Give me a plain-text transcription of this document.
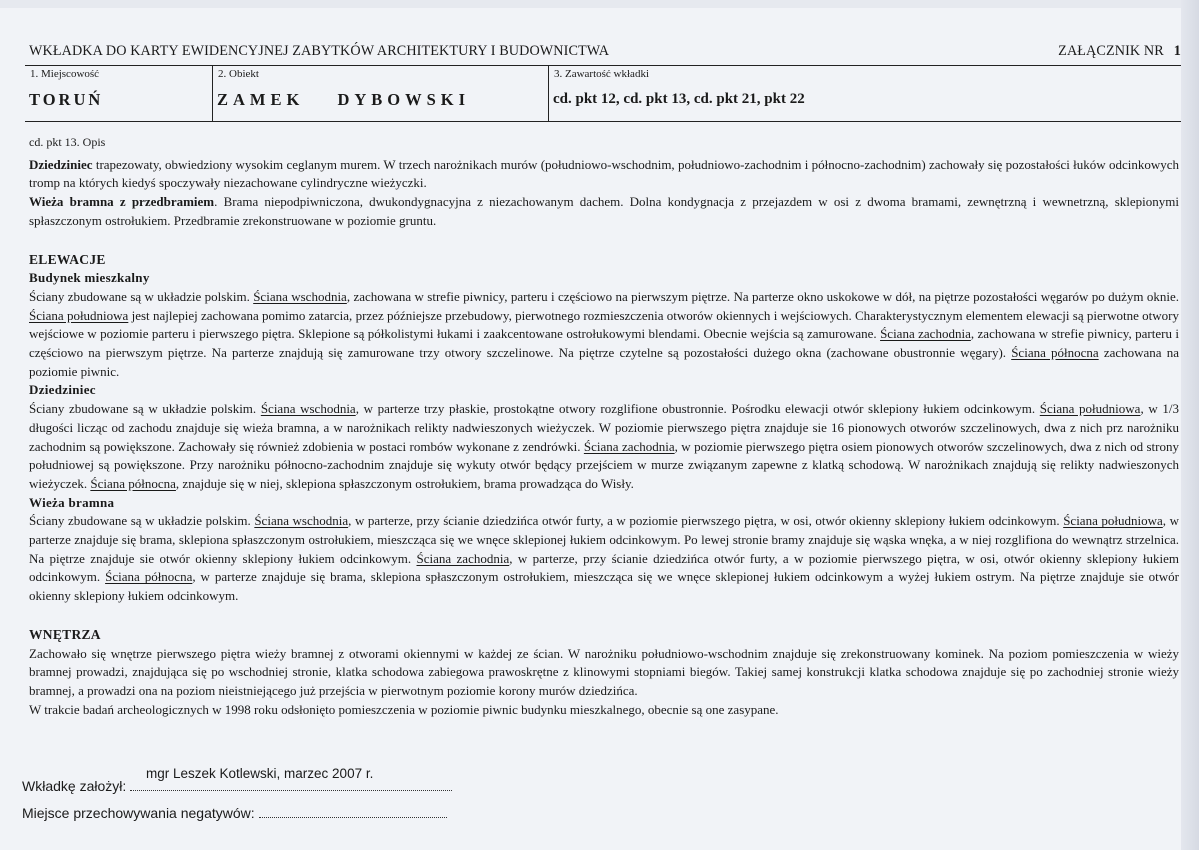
WKŁADKA DO KARTY EWIDENCYJNEJ ZABYTKÓW ARCHITEKTURY I BUDOWNICTWA	ZAŁĄCZNIK NR 1
1. Miejscowość
TORUŃ
2. Obiekt
ZAMEK DYBOWSKI
3. Zawartość wkładki
cd. pkt 12, cd. pkt 13, cd. pkt 21, pkt 22

cd. pkt 13. Opis

Dziedziniec trapezowaty, obwiedziony wysokim ceglanym murem. W trzech narożnikach murów (południowo-wschodnim, południowo-zachodnim i północno-zachodnim) zachowały się pozostałości łuków odcinkowych tromp na których kiedyś spoczywały niezachowane cylindryczne wieżyczki.

Wieża bramna z przedbramiem. Brama niepodpiwniczona, dwukondygnacyjna z niezachowanym dachem. Dolna kondygnacja z przejazdem w osi z dwoma bramami, zewnętrzną i wewnetrzną, sklepionymi spłaszczonym ostrołukiem. Przedbramie zrekonstruowane w poziomie gruntu.

ELEWACJE
Budynek mieszkalny

Ściany zbudowane są w układzie polskim. Ściana wschodnia, zachowana w strefie piwnicy, parteru i częściowo na pierwszym piętrze. Na parterze okno uskokowe w dół, na piętrze pozostałości węgarów po dużym oknie. Ściana południowa jest najlepiej zachowana pomimo zatarcia, przez późniejsze przebudowy, pierwotnego rozmieszczenia otworów okiennych i wejściowych. Charakterystycznym elementem elewacji są pierwotne otwory wejściowe w poziomie parteru i pierwszego piętra. Sklepione są półkolistymi łukami i zaakcentowane ostrołukowymi blendami. Obecnie wejścia są zamurowane. Ściana zachodnia, zachowana w strefie piwnicy, parteru i częściowo na pierwszym piętrze. Na parterze znajdują się zamurowane trzy otwory szczelinowe. Na piętrze czytelne są pozostałości dużego okna (zachowane obustronnie węgary). Ściana północna zachowana na poziomie piwnic.

Dziedziniec

Ściany zbudowane są w układzie polskim. Ściana wschodnia, w parterze trzy płaskie, prostokątne otwory rozglifione obustronnie. Pośrodku elewacji otwór sklepiony łukiem odcinkowym. Ściana południowa, w 1/3 długości licząc od zachodu znajduje się wieża bramna, a w narożnikach relikty nadwieszonych wieżyczek. W poziomie pierwszego piętra znajduje sie 16 pionowych otworów szczelinowych, dwa z nich prz narożniku zachodnim są powiększone. Zachowały się również zdobienia w postaci rombów wykonane z zendrówki. Ściana zachodnia, w poziomie pierwszego piętra osiem pionowych otworów szczelinowych, dwa z nich od strony południowej są powiększone. Przy narożniku północno-zachodnim znajduje się wykuty otwór będący przejściem w murze związanym zapewne z klatką schodową. W narożnikach znajdują się relikty nadwieszonych wieżyczek. Ściana północna, znajduje się w niej, sklepiona spłaszczonym ostrołukiem, brama prowadząca do Wisły.

Wieża bramna

Ściany zbudowane są w układzie polskim. Ściana wschodnia, w parterze, przy ścianie dziedzińca otwór furty, a w poziomie pierwszego piętra, w osi, otwór okienny sklepiony łukiem odcinkowym. Ściana południowa, w parterze znajduje się brama, sklepiona spłaszczonym ostrołukiem, mieszcząca się we wnęce sklepionej łukiem odcinkowym. Po lewej stronie bramy znajduje się wąska wnęka, a w niej rozglifiona do wewnątrz strzelnica. Na piętrze znajduje sie otwór okienny sklepiony łukiem odcinkowym. Ściana zachodnia, w parterze, przy ścianie dziedzińca otwór furty, a w poziomie pierwszego piętra, w osi, otwór okienny sklepiony łukiem odcinkowym. Ściana północna, w parterze znajduje się brama, sklepiona spłaszczonym ostrołukiem, mieszcząca się we wnęce sklepionej łukiem odcinkowym a wyżej łukiem ostrym. Na piętrze znajduje sie otwór okienny sklepiony łukiem odcinkowym.

WNĘTRZA

Zachowało się wnętrze pierwszego piętra wieży bramnej z otworami okiennymi w każdej ze ścian. W narożniku południowo-wschodnim znajduje się zrekonstruowany kominek. Na poziom pomieszczenia w wieży bramnej prowadzi, znajdująca się po wschodniej stronie, klatka schodowa zabiegowa prawoskrętne z klinowymi stopniami biegów. Takiej samej konstrukcji klatka schodowa znajduje się po zachodniej stronie wieży bramnej, a prowadzi ona na poziom nieistniejącego już przejścia w pierwotnym poziomie korony murów dziedzińca.

W trakcie badań archeologicznych w 1998 roku odsłonięto pomieszczenia w poziomie piwnic budynku mieszkalnego, obecnie są one zasypane.

Wkładkę założył:
mgr Leszek Kotlewski, marzec 2007 r.
Miejsce przechowywania negatywów:
